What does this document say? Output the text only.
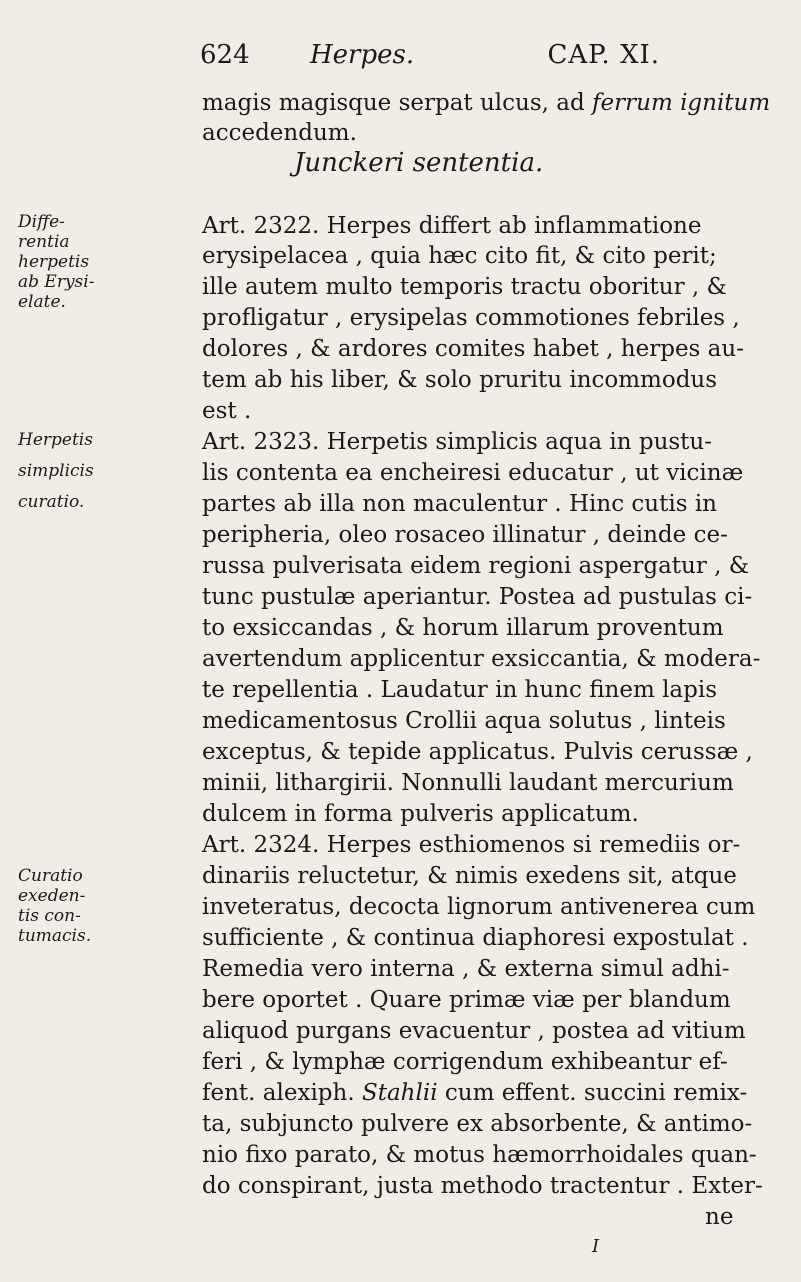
624 Herpes.	CAP. XI.
magis magisque serpat ulcus, ad ferrum ignitum
accedendum.
Junckeri sententia.
Art. 2322. Herpes differt ab inflammatione
erysipelacea , quia hæc cito fit, & cito perit;
ille autem multo temporis tractu oboritur , &
profligatur , erysipelas commotiones febriles ,
dolores , & ardores comites habet , herpes au-
tem ab his liber, & solo pruritu incommodus
est .
Art. 2323. Herpetis simplicis aqua in pustu-
lis contenta ea encheiresi educatur , ut vicinæ
partes ab illa non maculentur . Hinc cutis in
peripheria, oleo rosaceo illinatur , deinde ce-
russa pulverisata eidem regioni aspergatur , &
tunc pustulæ aperiantur. Postea ad pustulas ci-
to exsiccandas , & horum illarum proventum
avertendum applicentur exsiccantia, & modera-
te repellentia . Laudatur in hunc finem lapis
medicamentosus Crollii aqua solutus , linteis
exceptus, & tepide applicatus. Pulvis cerussæ ,
minii, lithargirii. Nonnulli laudant mercurium
dulcem in forma pulveris applicatum.
Art. 2324. Herpes esthiomenos si remediis or-
dinariis reluctetur, & nimis exedens sit, atque
inveteratus, decocta lignorum antivenerea cum
sufficiente , & continua diaphoresi expostulat .
Remedia vero interna , & externa simul adhi-
bere oportet . Quare primæ viæ per blandum
aliquod purgans evacuentur , postea ad vitium
feri , & lymphæ corrigendum exhibeantur ef-
fent. alexiph. Stahlii cum effent. succini remix-
ta, subjuncto pulvere ex absorbente, & antimo-
nio fixo parato, & motus hæmorrhoidales quan-
do conspirant, justa methodo tractentur . Exter-
ne
Diffe-
rentia
herpetis
ab Erysi-
elate.
Herpetis
simplicis
curatio.
Curatio
exeden-
tis con-
tumacis.
I
